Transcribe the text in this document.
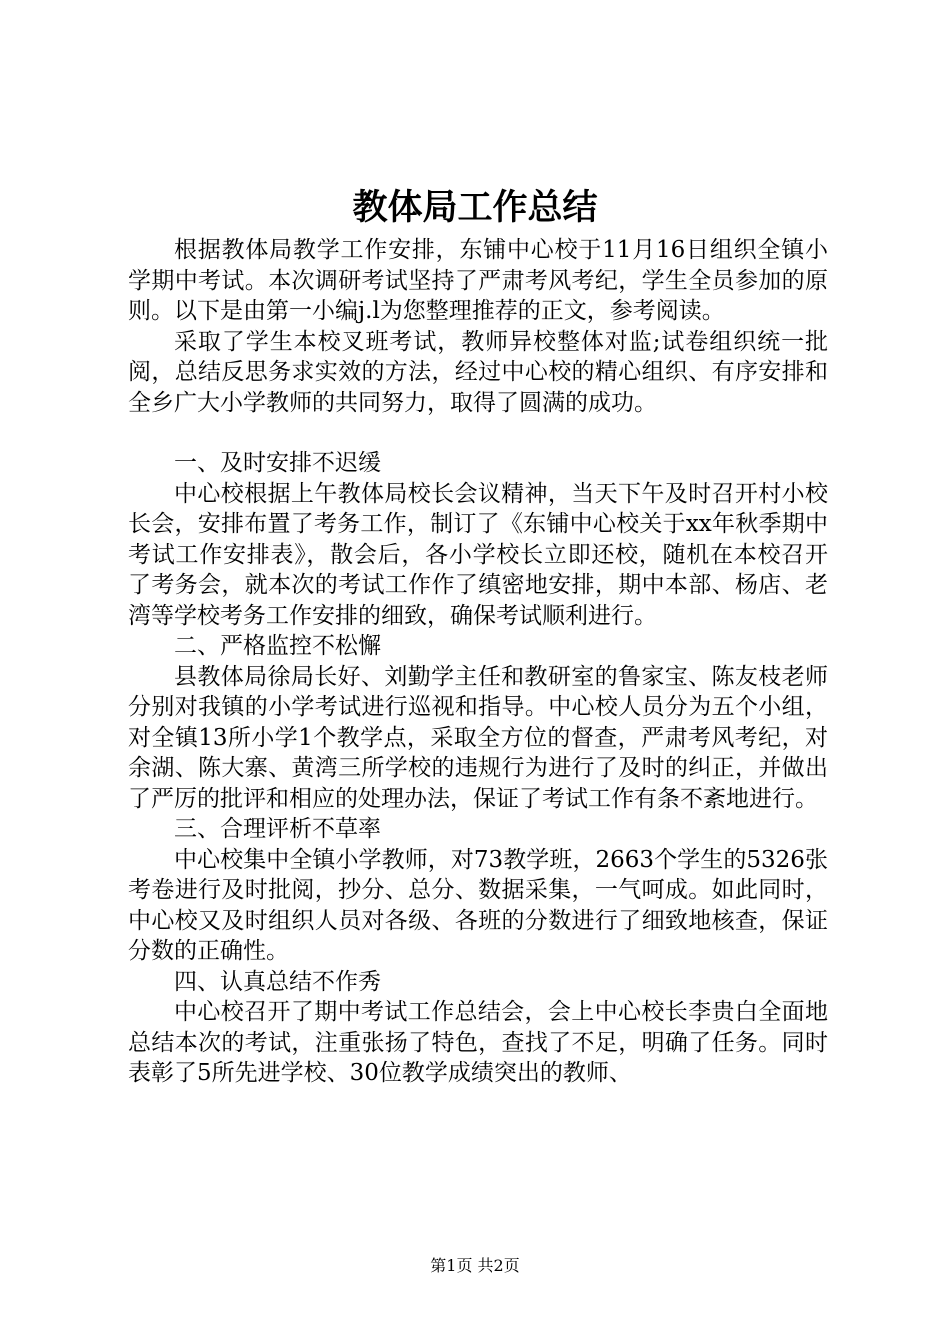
教体局工作总结

根据教体局教学工作安排，东铺中心校于11月16日组织全镇小学期中考试。本次调研考试坚持了严肃考风考纪，学生全员参加的原则。以下是由第一小编j.l为您整理推荐的正文，参考阅读。

采取了学生本校叉班考试，教师异校整体对监;试卷组织统一批阅，总结反思务求实效的方法，经过中心校的精心组织、有序安排和全乡广大小学教师的共同努力，取得了圆满的成功。

一、及时安排不迟缓

中心校根据上午教体局校长会议精神，当天下午及时召开村小校长会，安排布置了考务工作，制订了《东铺中心校关于xx年秋季期中考试工作安排表》，散会后，各小学校长立即还校，随机在本校召开了考务会，就本次的考试工作作了缜密地安排，期中本部、杨店、老湾等学校考务工作安排的细致，确保考试顺利进行。

二、严格监控不松懈

县教体局徐局长好、刘勤学主任和教研室的鲁家宝、陈友枝老师分别对我镇的小学考试进行巡视和指导。中心校人员分为五个小组，对全镇13所小学1个教学点，采取全方位的督查，严肃考风考纪，对余湖、陈大寨、黄湾三所学校的违规行为进行了及时的纠正，并做出了严厉的批评和相应的处理办法，保证了考试工作有条不紊地进行。

三、合理评析不草率

中心校集中全镇小学教师，对73教学班，2663个学生的5326张考卷进行及时批阅，抄分、总分、数据采集，一气呵成。如此同时，中心校又及时组织人员对各级、各班的分数进行了细致地核查，保证分数的正确性。

四、认真总结不作秀

中心校召开了期中考试工作总结会，会上中心校长李贵白全面地总结本次的考试，注重张扬了特色，查找了不足，明确了任务。同时表彰了5所先进学校、30位教学成绩突出的教师、

第1页 共2页
